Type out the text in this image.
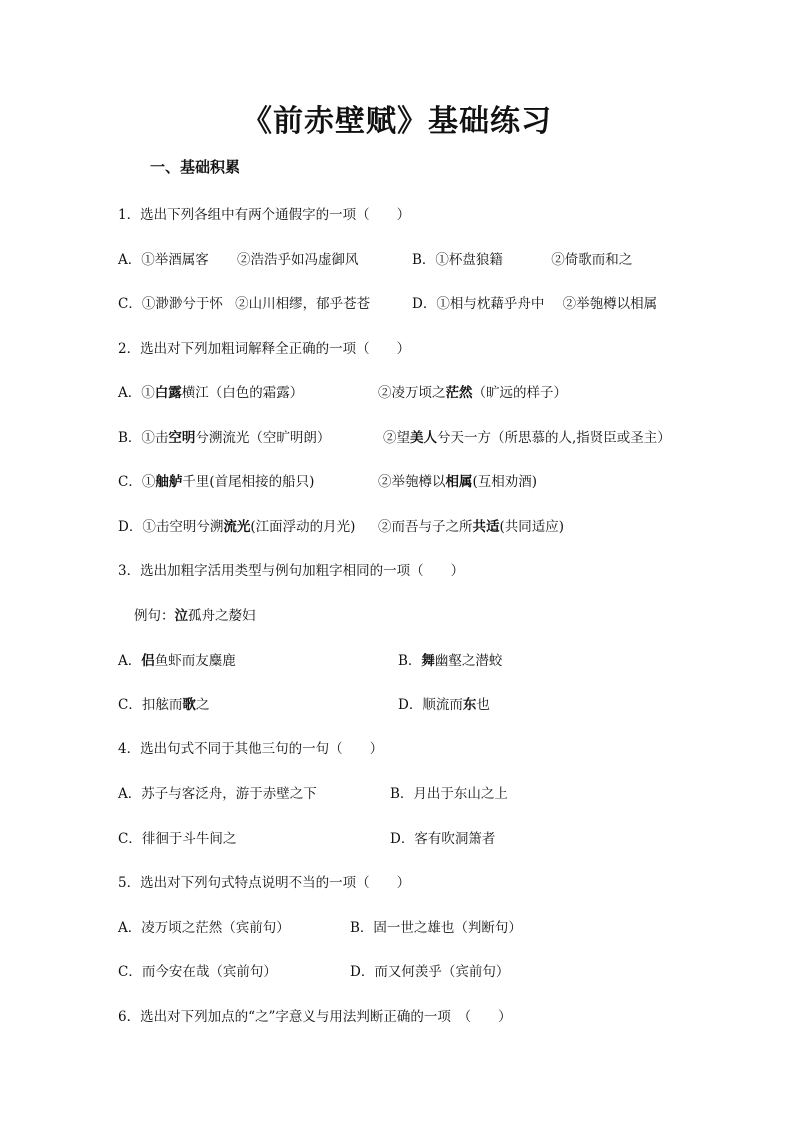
《前赤壁赋》基础练习
一、基础积累
1．选出下列各组中有两个通假字的一项（　　）
A．①举酒属客 ②浩浩乎如冯虚御风	B．①杯盘狼籍	②倚歌而和之
C．①渺渺兮于怀 ②山川相缪，郁乎苍苍	D．①相与枕藉乎舟中 ②举匏樽以相属
2．选出对下列加粗词解释全正确的一项（　　）
A．①白露横江（白色的霜露）	②凌万顷之茫然（旷远的样子）
B．①击空明兮溯流光（空旷明朗）	②望美人兮天一方（所思慕的人,指贤臣或圣主）
C．①舳舻千里(首尾相接的船只)	②举匏樽以相属(互相劝酒)
D．①击空明兮溯流光(江面浮动的月光) ②而吾与子之所共适(共同适应)
3．选出加粗字活用类型与例句加粗字相同的一项（　　）
例句：泣孤舟之嫠妇
A．侣鱼虾而友麋鹿	B．舞幽壑之潜蛟
C．扣舷而歌之	D．顺流而东也
4．选出句式不同于其他三句的一句（　　）
A．苏子与客泛舟，游于赤壁之下	B．月出于东山之上
C．徘徊于斗牛间之	D．客有吹洞箫者
5．选出对下列句式特点说明不当的一项（　　）
A．凌万顷之茫然（宾前句）	B．固一世之雄也（判断句）
C．而今安在哉（宾前句）	D．而又何羡乎（宾前句）
6．选出对下列加点的“之”字意义与用法判断正确的一项　（　　）
